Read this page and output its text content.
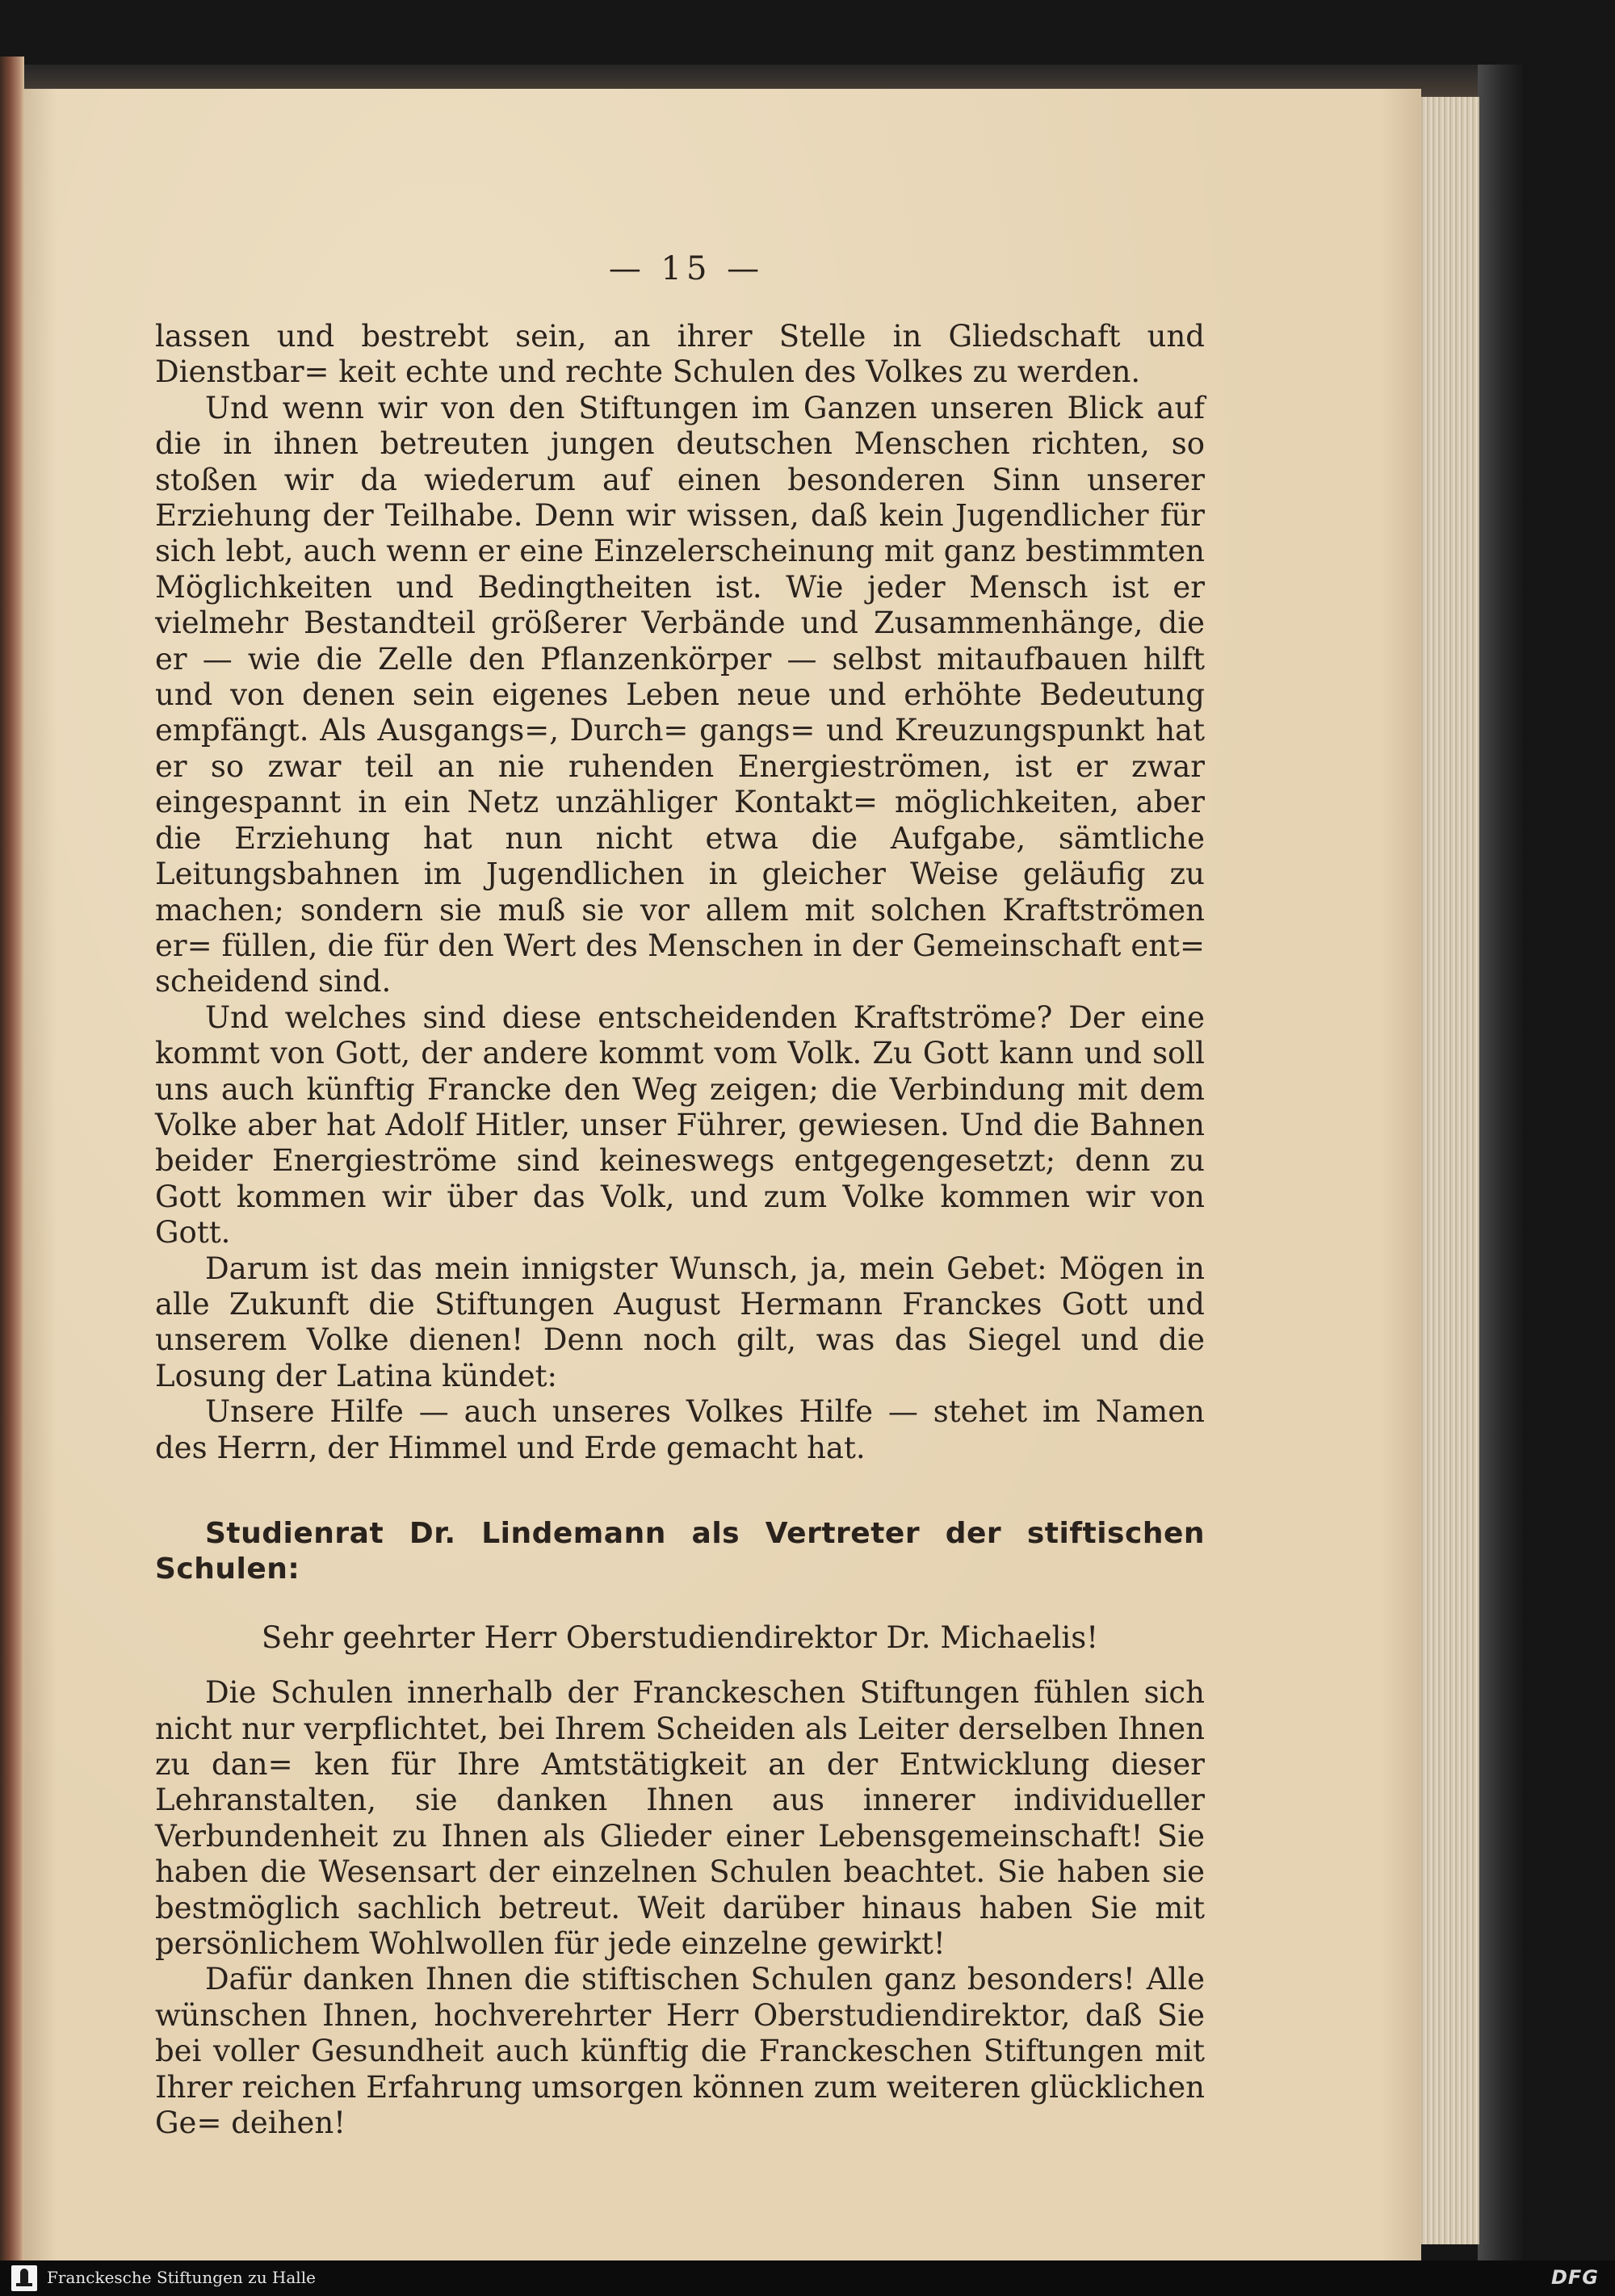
— 15 —

lassen und bestrebt sein, an ihrer Stelle in Gliedschaft und Dienstbar= keit echte und rechte Schulen des Volkes zu werden.

Und wenn wir von den Stiftungen im Ganzen unseren Blick auf die in ihnen betreuten jungen deutschen Menschen richten, so stoßen wir da wiederum auf einen besonderen Sinn unserer Erziehung der Teilhabe. Denn wir wissen, daß kein Jugendlicher für sich lebt, auch wenn er eine Einzelerscheinung mit ganz bestimmten Möglichkeiten und Bedingtheiten ist. Wie jeder Mensch ist er vielmehr Bestandteil größerer Verbände und Zusammenhänge, die er — wie die Zelle den Pflanzenkörper — selbst mitaufbauen hilft und von denen sein eigenes Leben neue und erhöhte Bedeutung empfängt. Als Ausgangs=, Durch= gangs= und Kreuzungspunkt hat er so zwar teil an nie ruhenden Energieströmen, ist er zwar eingespannt in ein Netz unzähliger Kontakt= möglichkeiten, aber die Erziehung hat nun nicht etwa die Aufgabe, sämtliche Leitungsbahnen im Jugendlichen in gleicher Weise geläufig zu machen; sondern sie muß sie vor allem mit solchen Kraftströmen er= füllen, die für den Wert des Menschen in der Gemeinschaft ent= scheidend sind.

Und welches sind diese entscheidenden Kraftströme? Der eine kommt von Gott, der andere kommt vom Volk. Zu Gott kann und soll uns auch künftig Francke den Weg zeigen; die Verbindung mit dem Volke aber hat Adolf Hitler, unser Führer, gewiesen. Und die Bahnen beider Energieströme sind keineswegs entgegengesetzt; denn zu Gott kommen wir über das Volk, und zum Volke kommen wir von Gott.

Darum ist das mein innigster Wunsch, ja, mein Gebet: Mögen in alle Zukunft die Stiftungen August Hermann Franckes Gott und unserem Volke dienen! Denn noch gilt, was das Siegel und die Losung der Latina kündet:

Unsere Hilfe — auch unseres Volkes Hilfe — stehet im Namen des Herrn, der Himmel und Erde gemacht hat.

Studienrat Dr. Lindemann als Vertreter der stiftischen Schulen:

Sehr geehrter Herr Oberstudiendirektor Dr. Michaelis!

Die Schulen innerhalb der Franckeschen Stiftungen fühlen sich nicht nur verpflichtet, bei Ihrem Scheiden als Leiter derselben Ihnen zu dan= ken für Ihre Amtstätigkeit an der Entwicklung dieser Lehranstalten, sie danken Ihnen aus innerer individueller Verbundenheit zu Ihnen als Glieder einer Lebensgemeinschaft! Sie haben die Wesensart der einzelnen Schulen beachtet. Sie haben sie bestmöglich sachlich betreut. Weit darüber hinaus haben Sie mit persönlichem Wohlwollen für jede einzelne gewirkt!

Dafür danken Ihnen die stiftischen Schulen ganz besonders! Alle wünschen Ihnen, hochverehrter Herr Oberstudiendirektor, daß Sie bei voller Gesundheit auch künftig die Franckeschen Stiftungen mit Ihrer reichen Erfahrung umsorgen können zum weiteren glücklichen Ge= deihen!

Franckesche Stiftungen zu Halle	DFG
